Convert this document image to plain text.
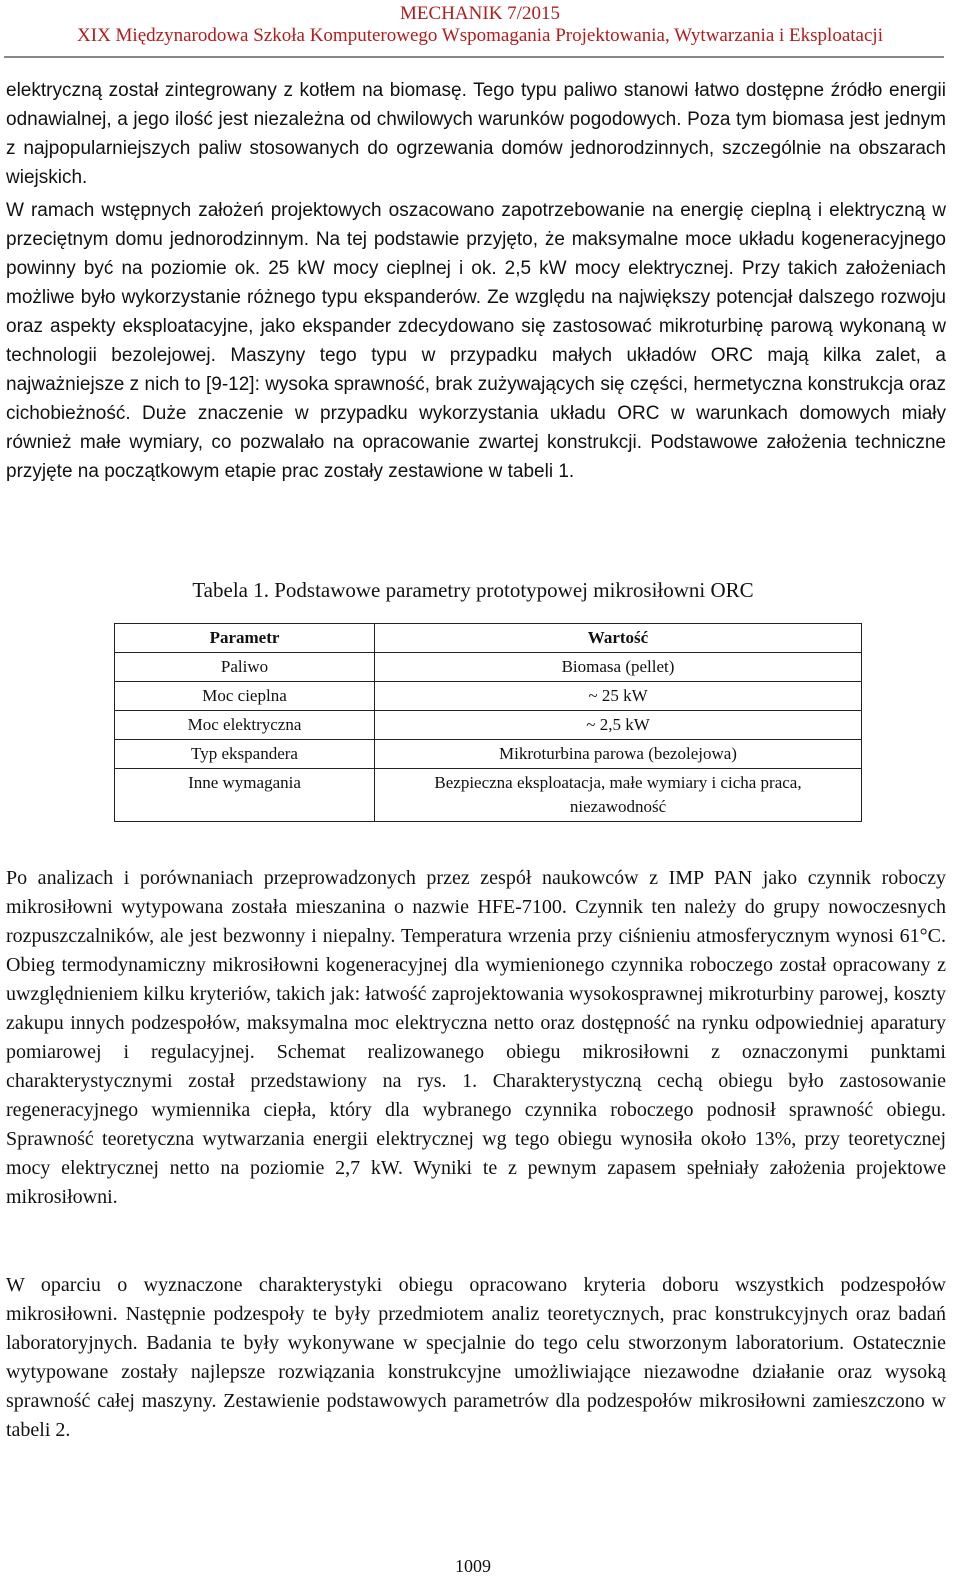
MECHANIK 7/2015
XIX Międzynarodowa Szkoła Komputerowego Wspomagania Projektowania, Wytwarzania i Eksploatacji

elektryczną został zintegrowany z kotłem na biomasę. Tego typu paliwo stanowi łatwo dostępne źródło energii odnawialnej, a jego ilość jest niezależna od chwilowych warunków pogodowych. Poza tym biomasa jest jednym z najpopularniejszych paliw stosowanych do ogrzewania domów jednorodzinnych, szczególnie na obszarach wiejskich.

W ramach wstępnych założeń projektowych oszacowano zapotrzebowanie na energię cieplną i elektryczną w przeciętnym domu jednorodzinnym. Na tej podstawie przyjęto, że maksymalne moce układu kogeneracyjnego powinny być na poziomie ok. 25 kW mocy cieplnej i ok. 2,5 kW mocy elektrycznej. Przy takich założeniach możliwe było wykorzystanie różnego typu ekspanderów. Ze względu na największy potencjał dalszego rozwoju oraz aspekty eksploatacyjne, jako ekspander zdecydowano się zastosować mikroturbinę parową wykonaną w technologii bezolejowej. Maszyny tego typu w przypadku małych układów ORC mają kilka zalet, a najważniejsze z nich to [9-12]: wysoka sprawność, brak zużywających się części, hermetyczna konstrukcja oraz cichobieżność. Duże znaczenie w przypadku wykorzystania układu ORC w warunkach domowych miały również małe wymiary, co pozwalało na opracowanie zwartej konstrukcji. Podstawowe założenia techniczne przyjęte na początkowym etapie prac zostały zestawione w tabeli 1.

Tabela 1. Podstawowe parametry prototypowej mikrosiłowni ORC
Parametr	Wartość
Paliwo	Biomasa (pellet)
Moc cieplna	~ 25 kW
Moc elektryczna	~ 2,5 kW
Typ ekspandera	Mikroturbina parowa (bezolejowa)
Inne wymagania	Bezpieczna eksploatacja, małe wymiary i cicha praca, niezawodność

Po analizach i porównaniach przeprowadzonych przez zespół naukowców z IMP PAN jako czynnik roboczy mikrosiłowni wytypowana została mieszanina o nazwie HFE-7100. Czynnik ten należy do grupy nowoczesnych rozpuszczalników, ale jest bezwonny i niepalny. Temperatura wrzenia przy ciśnieniu atmosferycznym wynosi 61°C. Obieg termodynamiczny mikrosiłowni kogeneracyjnej dla wymienionego czynnika roboczego został opracowany z uwzględnieniem kilku kryteriów, takich jak: łatwość zaprojektowania wysokosprawnej mikroturbiny parowej, koszty zakupu innych podzespołów, maksymalna moc elektryczna netto oraz dostępność na rynku odpowiedniej aparatury pomiarowej i regulacyjnej. Schemat realizowanego obiegu mikrosiłowni z oznaczonymi punktami charakterystycznymi został przedstawiony na rys. 1. Charakterystyczną cechą obiegu było zastosowanie regeneracyjnego wymiennika ciepła, który dla wybranego czynnika roboczego podnosił sprawność obiegu. Sprawność teoretyczna wytwarzania energii elektrycznej wg tego obiegu wynosiła około 13%, przy teoretycznej mocy elektrycznej netto na poziomie 2,7 kW. Wyniki te z pewnym zapasem spełniały założenia projektowe mikrosiłowni.

W oparciu o wyznaczone charakterystyki obiegu opracowano kryteria doboru wszystkich podzespołów mikrosiłowni. Następnie podzespoły te były przedmiotem analiz teoretycznych, prac konstrukcyjnych oraz badań laboratoryjnych. Badania te były wykonywane w specjalnie do tego celu stworzonym laboratorium. Ostatecznie wytypowane zostały najlepsze rozwiązania konstrukcyjne umożliwiające niezawodne działanie oraz wysoką sprawność całej maszyny. Zestawienie podstawowych parametrów dla podzespołów mikrosiłowni zamieszczono w tabeli 2.

1009
